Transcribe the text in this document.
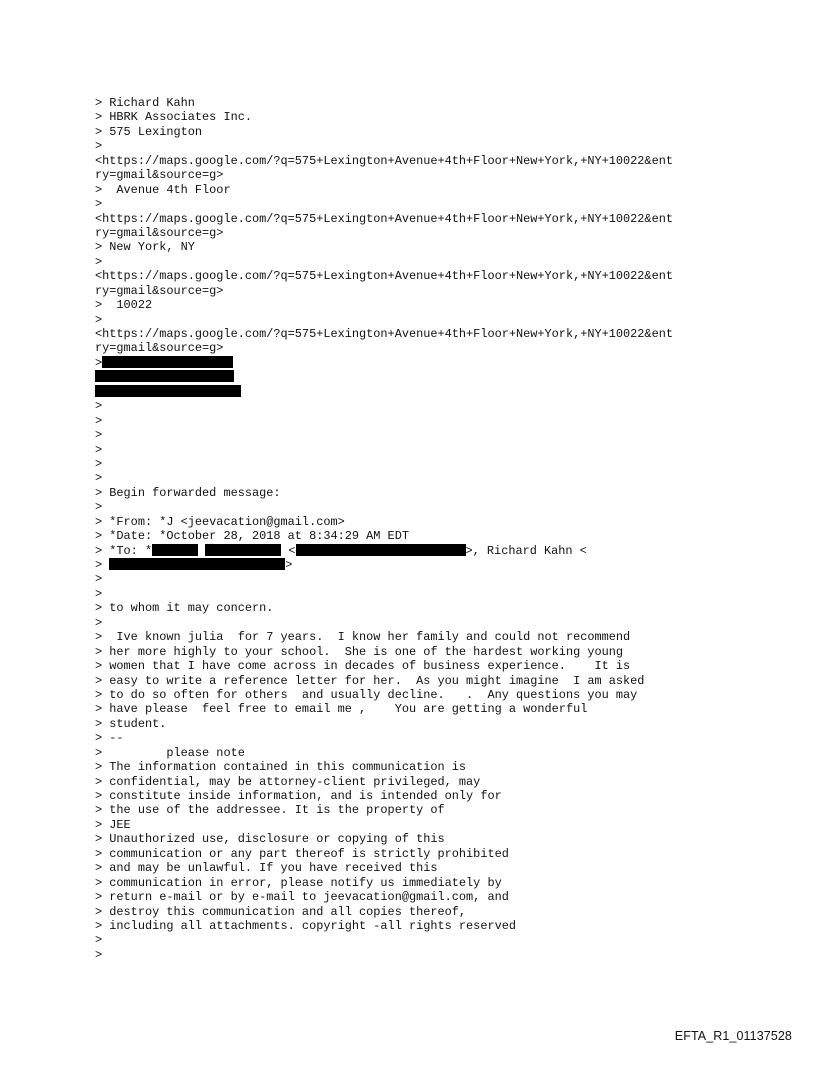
> Richard Kahn
> HBRK Associates Inc.
> 575 Lexington
>
<https://maps.google.com/?q=575+Lexington+Avenue+4th+Floor+New+York,+NY+10022&ent
ry=gmail&source=g>
>  Avenue 4th Floor
>
<https://maps.google.com/?q=575+Lexington+Avenue+4th+Floor+New+York,+NY+10022&ent
ry=gmail&source=g>
> New York, NY
>
<https://maps.google.com/?q=575+Lexington+Avenue+4th+Floor+New+York,+NY+10022&ent
ry=gmail&source=g>
>  10022
>
<https://maps.google.com/?q=575+Lexington+Avenue+4th+Floor+New+York,+NY+10022&ent
ry=gmail&source=g>
>
>
>
>
>
>
>
> Begin forwarded message:
>
> *From: *J <jeevacation@gmail.com>
> *Date: *October 28, 2018 at 8:34:29 AM EDT
> *To: *	<	>, Richard Kahn <
>	>
>
>
> to whom it may concern.
>
>  Ive known julia  for 7 years.  I know her family and could not recommend
> her more highly to your school.  She is one of the hardest working young
> women that I have come across in decades of business experience.    It is
> easy to write a reference letter for her.  As you might imagine  I am asked
> to do so often for others  and usually decline.   .  Any questions you may
> have please  feel free to email me ,    You are getting a wonderful
> student.
> --
>         please note
> The information contained in this communication is
> confidential, may be attorney-client privileged, may
> constitute inside information, and is intended only for
> the use of the addressee. It is the property of
> JEE
> Unauthorized use, disclosure or copying of this
> communication or any part thereof is strictly prohibited
> and may be unlawful. If you have received this
> communication in error, please notify us immediately by
> return e-mail or by e-mail to jeevacation@gmail.com, and
> destroy this communication and all copies thereof,
> including all attachments. copyright -all rights reserved
>
>
EFTA_R1_01137528
